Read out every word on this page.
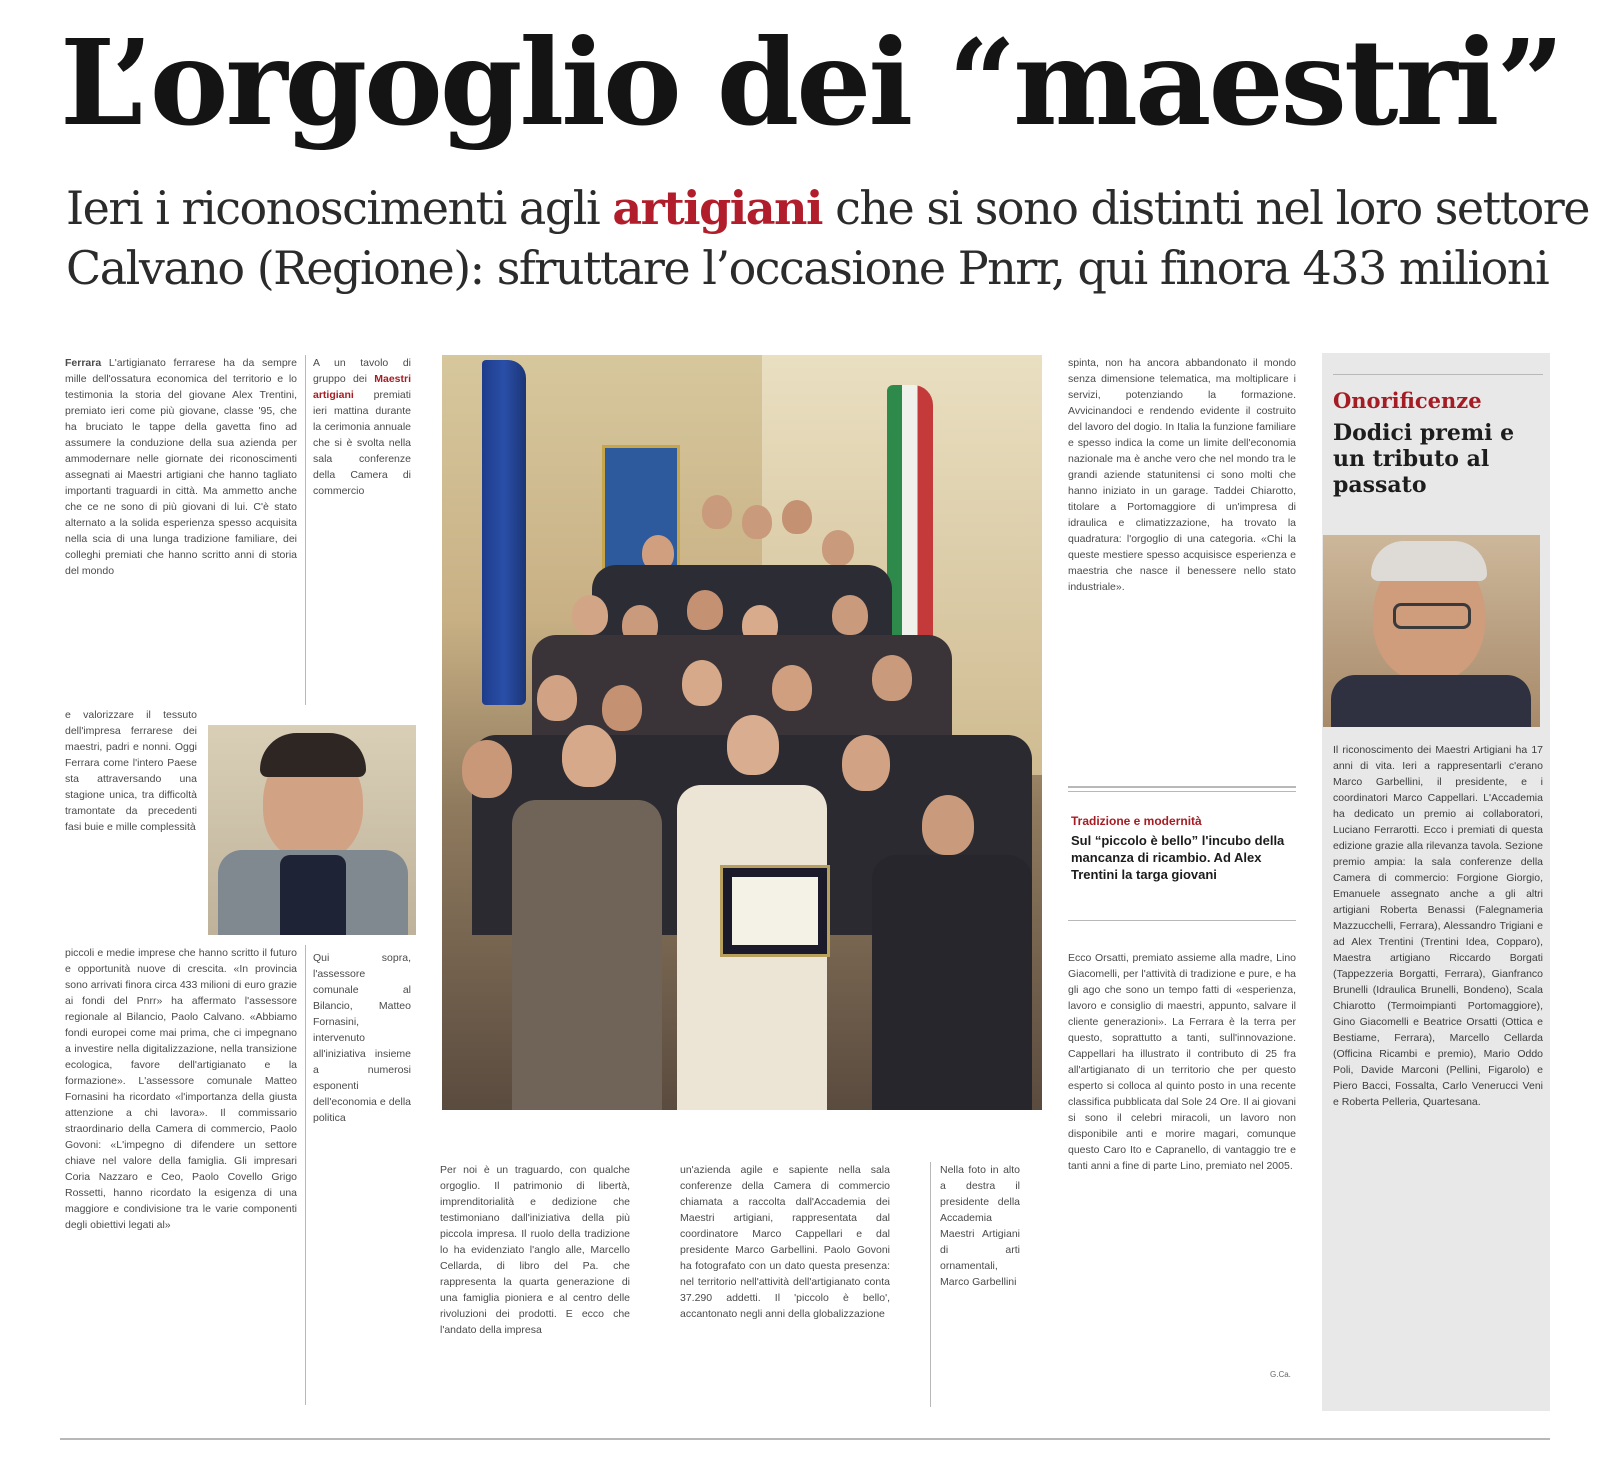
L’orgoglio dei “maestri”
Ieri i riconoscimenti agli artigiani che si sono distinti nel loro settore
Calvano (Regione): sfruttare l’occasione Pnrr, qui finora 433 milioni
Ferrara L'artigianato ferrarese ha da sempre mille dell'ossatura economica del territorio e lo testimonia la storia del giovane Alex Trentini, premiato ieri come più giovane, classe '95, che ha bruciato le tappe della gavetta fino ad assumere la conduzione della sua azienda per ammodernare nelle giornate dei riconoscimenti assegnati ai Maestri artigiani che hanno tagliato importanti traguardi in città. Ma ammetto anche che ce ne sono di più giovani di lui. C'è stato alternato a la solida esperienza spesso acquisita nella scia di una lunga tradizione familiare, dei colleghi premiati che hanno scritto anni di storia del mondo
e valorizzare il tessuto dell'impresa ferrarese dei maestri, padri e nonni. Oggi Ferrara come l'intero Paese sta attraversando una stagione unica, tra difficoltà tramontate da precedenti fasi buie e mille complessità
piccoli e medie imprese che hanno scritto il futuro e opportunità nuove di crescita. «In provincia sono arrivati finora circa 433 milioni di euro grazie ai fondi del Pnrr» ha affermato l'assessore regionale al Bilancio, Paolo Calvano. «Abbiamo fondi europei come mai prima, che ci impegnano a investire nella digitalizzazione, nella transizione ecologica, favore dell'artigianato e la formazione». L'assessore comunale Matteo Fornasini ha ricordato «l'importanza della giusta attenzione a chi lavora». Il commissario straordinario della Camera di commercio, Paolo Govoni: «L'impegno di difendere un settore chiave nel valore della famiglia. Gli impresari Coria Nazzaro e Ceo, Paolo Covello Grigo Rossetti, hanno ricordato la esigenza di una maggiore e condivisione tra le varie componenti degli obiettivi legati al»
A un tavolo di gruppo dei Maestri artigiani premiati ieri mattina durante la cerimonia annuale che si è svolta nella sala conferenze della Camera di commercio
Qui sopra, l'assessore comunale al Bilancio, Matteo Fornasini, intervenuto all'iniziativa insieme a numerosi esponenti dell'economia e della politica
Per noi è un traguardo, con qualche orgoglio. Il patrimonio di libertà, imprenditorialità e dedizione che testimoniano dall'iniziativa della più piccola impresa. Il ruolo della tradizione lo ha evidenziato l'anglo alle, Marcello Cellarda, di libro del Pa. che rappresenta la quarta generazione di una famiglia pioniera e al centro delle rivoluzioni dei prodotti. E ecco che l'andato della impresa
un'azienda agile e sapiente nella sala conferenze della Camera di commercio chiamata a raccolta dall'Accademia dei Maestri artigiani, rappresentata dal coordinatore Marco Cappellari e dal presidente Marco Garbellini. Paolo Govoni ha fotografato con un dato questa presenza: nel territorio nell'attività dell'artigianato conta 37.290 addetti. Il 'piccolo è bello', accantonato negli anni della globalizzazione
Nella foto in alto a destra il presidente della Accademia Maestri Artigiani di arti ornamentali, Marco Garbellini
spinta, non ha ancora abbandonato il mondo senza dimensione telematica, ma moltiplicare i servizi, potenziando la formazione. Avvicinandoci e rendendo evidente il costruito del lavoro del dogio. In Italia la funzione familiare e spesso indica la come un limite dell'economia nazionale ma è anche vero che nel mondo tra le grandi aziende statunitensi ci sono molti che hanno iniziato in un garage. Taddei Chiarotto, titolare a Portomaggiore di un'impresa di idraulica e climatizzazione, ha trovato la quadratura: l'orgoglio di una categoria. «Chi la queste mestiere spesso acquisisce esperienza e maestria che nasce il benessere nello stato industriale».
Tradizione e modernità
Sul “piccolo è bello” l'incubo della mancanza di ricambio. Ad Alex Trentini la targa giovani
Ecco Orsatti, premiato assieme alla madre, Lino Giacomelli, per l'attività di tradizione e pure, e ha gli ago che sono un tempo fatti di «esperienza, lavoro e consiglio di maestri, appunto, salvare il cliente generazioni». La Ferrara è la terra per questo, soprattutto a tanti, sull'innovazione. Cappellari ha illustrato il contributo di 25 fra all'artigianato di un territorio che per questo esperto si colloca al quinto posto in una recente classifica pubblicata dal Sole 24 Ore. Il ai giovani si sono il celebri miracoli, un lavoro non disponibile anti e morire magari, comunque questo Caro Ito e Capranello, di vantaggio tre e tanti anni a fine di parte Lino, premiato nel 2005.
G.Ca.
Onorificenze
Dodici premi e un tributo al passato
Il riconoscimento dei Maestri Artigiani ha 17 anni di vita. Ieri a rappresentarli c'erano Marco Garbellini, il presidente, e i coordinatori Marco Cappellari. L'Accademia ha dedicato un premio ai collaboratori, Luciano Ferrarotti. Ecco i premiati di questa edizione grazie alla rilevanza tavola. Sezione premio ampia: la sala conferenze della Camera di commercio: Forgione Giorgio, Emanuele assegnato anche a gli altri artigiani Roberta Benassi (Falegnameria Mazzucchelli, Ferrara), Alessandro Trigiani e ad Alex Trentini (Trentini Idea, Copparo), Maestra artigiano Riccardo Borgati (Tappezzeria Borgatti, Ferrara), Gianfranco Brunelli (Idraulica Brunelli, Bondeno), Scala Chiarotto (Termoimpianti Portomaggiore), Gino Giacomelli e Beatrice Orsatti (Ottica e Bestiame, Ferrara), Marcello Cellarda (Officina Ricambi e premio), Mario Oddo Poli, Davide Marconi (Pellini, Figarolo) e Piero Bacci, Fossalta, Carlo Venerucci Veni e Roberta Pelleria, Quartesana.
